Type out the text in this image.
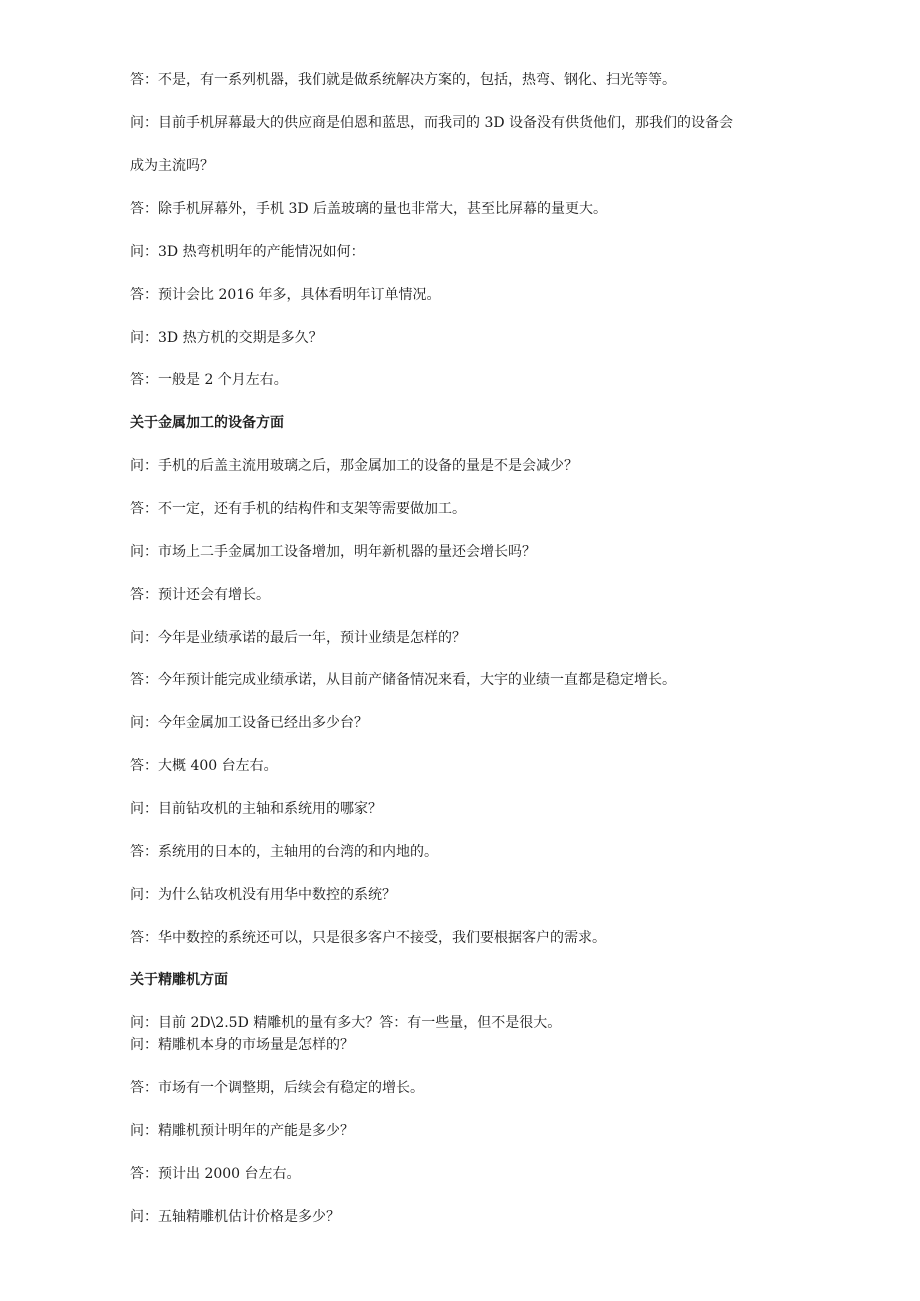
答：不是，有一系列机器，我们就是做系统解决方案的，包括，热弯、钢化、扫光等等。
问：目前手机屏幕最大的供应商是伯恩和蓝思，而我司的 3D 设备没有供货他们，那我们的设备会
成为主流吗？
答：除手机屏幕外，手机 3D 后盖玻璃的量也非常大，甚至比屏幕的量更大。
问：3D 热弯机明年的产能情况如何：
答：预计会比 2016 年多，具体看明年订单情况。
问：3D 热方机的交期是多久？
答：一般是 2 个月左右。
关于金属加工的设备方面
问：手机的后盖主流用玻璃之后，那金属加工的设备的量是不是会减少？
答：不一定，还有手机的结构件和支架等需要做加工。
问：市场上二手金属加工设备增加，明年新机器的量还会增长吗？
答：预计还会有增长。
问：今年是业绩承诺的最后一年，预计业绩是怎样的？
答：今年预计能完成业绩承诺，从目前产储备情况来看，大宇的业绩一直都是稳定增长。
问：今年金属加工设备已经出多少台？
答：大概 400 台左右。
问：目前钻攻机的主轴和系统用的哪家？
答：系统用的日本的，主轴用的台湾的和内地的。
问：为什么钻攻机没有用华中数控的系统？
答：华中数控的系统还可以，只是很多客户不接受，我们要根据客户的需求。
关于精雕机方面
问：目前 2D\2.5D 精雕机的量有多大？答：有一些量，但不是很大。
问：精雕机本身的市场量是怎样的？
答：市场有一个调整期，后续会有稳定的增长。
问：精雕机预计明年的产能是多少？
答：预计出 2000 台左右。
问：五轴精雕机估计价格是多少？
